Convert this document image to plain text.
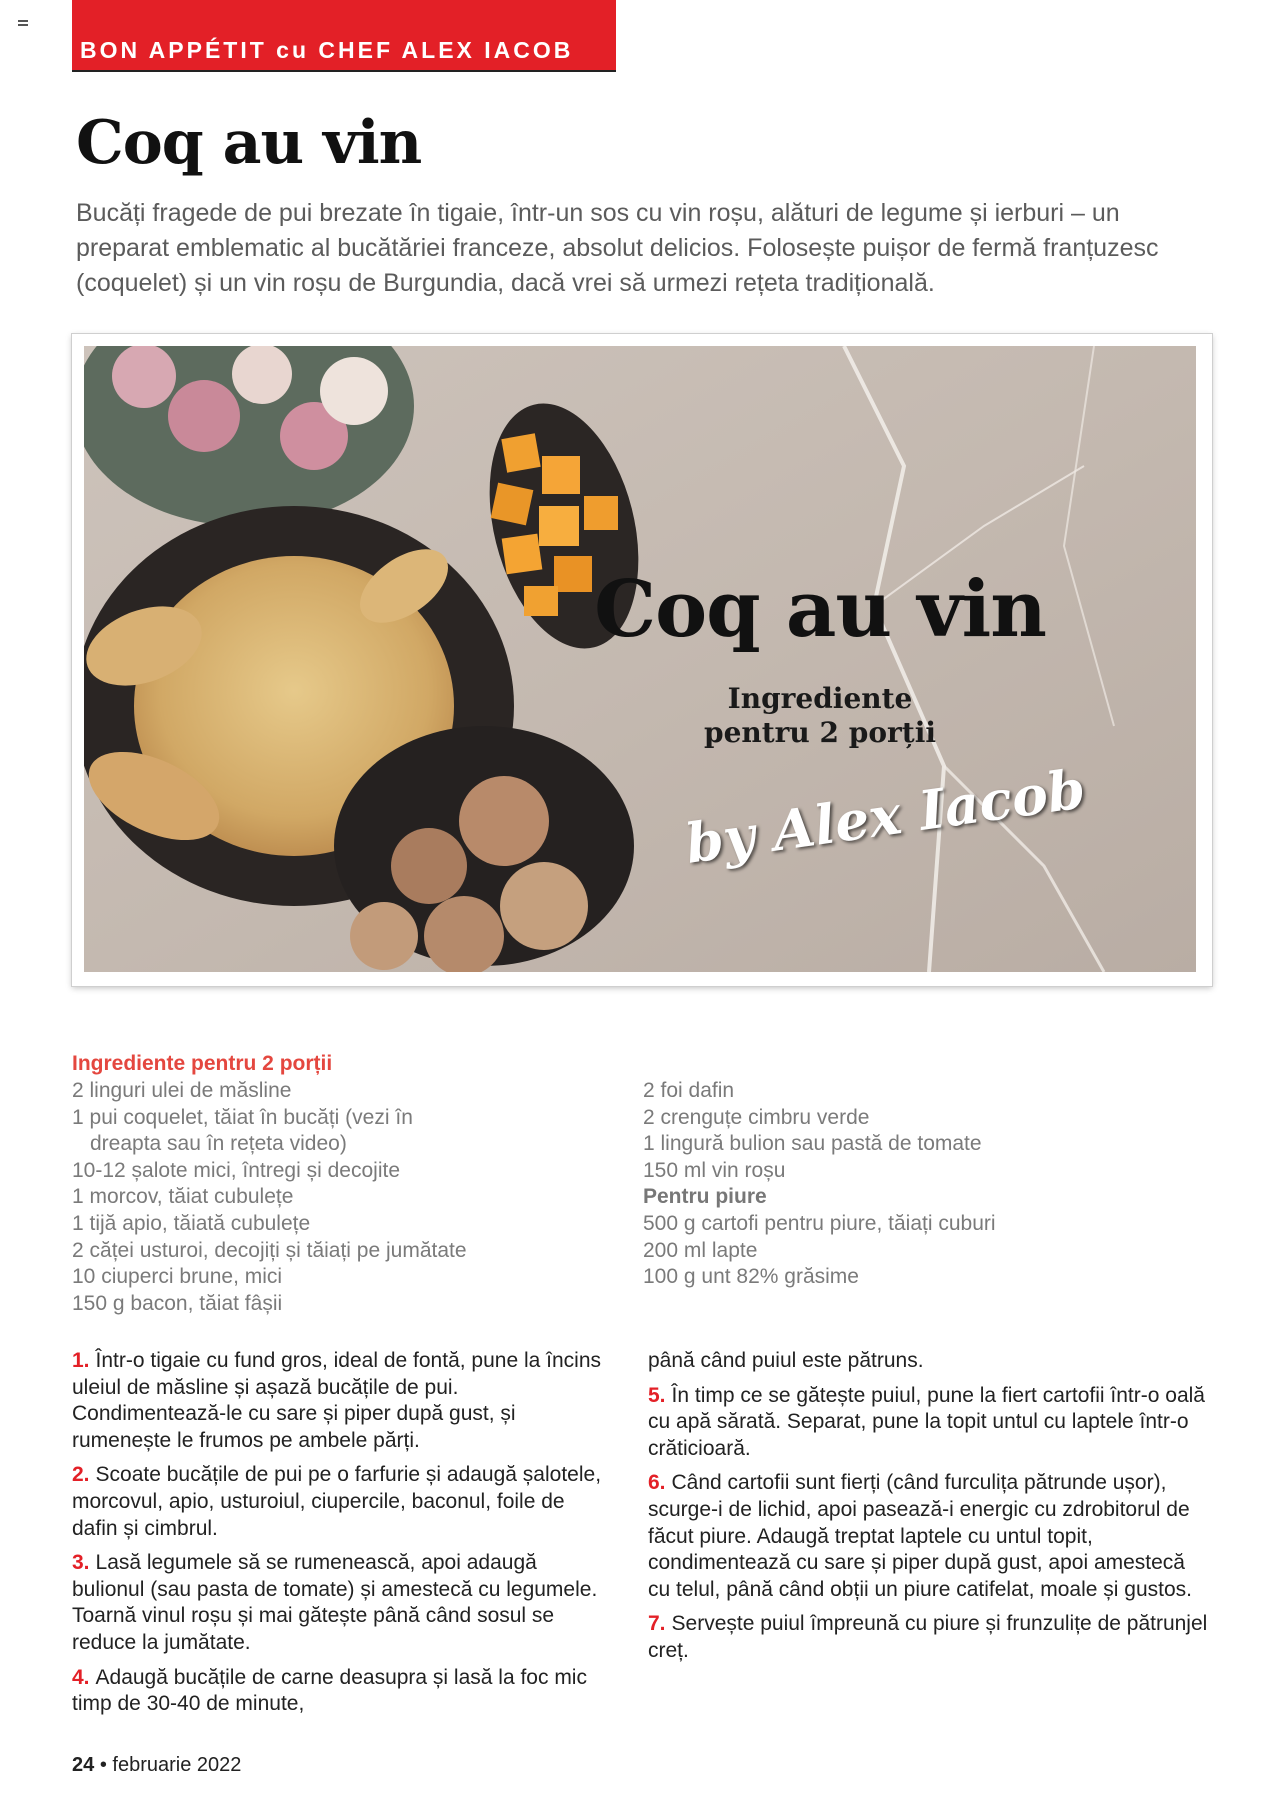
BON APPÉTIT cu CHEF ALEX IACOB
Coq au vin

Bucăți fragede de pui brezate în tigaie, într-un sos cu vin roșu, alături de legume și ierburi – un preparat emblematic al bucătăriei franceze, absolut delicios. Folosește puișor de fermă franțuzesc (coquelet) și un vin roșu de Burgundia, dacă vrei să urmezi rețeta tradițională.

Coq au vin
Ingrediente
pentru 2 porții
by Alex Iacob
Ingrediente pentru 2 porții
2 linguri ulei de măsline
1 pui coquelet, tăiat în bucăți (vezi în
dreapta sau în rețeta video)
10-12 șalote mici, întregi și decojite
1 morcov, tăiat cubulețe
1 tijă apio, tăiată cubulețe
2 căței usturoi, decojiți și tăiați pe jumătate
10 ciuperci brune, mici
150 g bacon, tăiat fâșii
2 foi dafin
2 crenguțe cimbru verde
1 lingură bulion sau pastă de tomate
150 ml vin roșu
Pentru piure
500 g cartofi pentru piure, tăiați cuburi
200 ml lapte
100 g unt 82% grăsime

1. Într-o tigaie cu fund gros, ideal de fontă, pune la încins uleiul de măsline și așază bucățile de pui. Condimentează-le cu sare și piper după gust, și rumenește le frumos pe ambele părți.

2. Scoate bucățile de pui pe o farfurie și adaugă șalotele, morcovul, apio, usturoiul, ciupercile, baconul, foile de dafin și cimbrul.

3. Lasă legumele să se rumenească, apoi adaugă bulionul (sau pasta de tomate) și amestecă cu legumele. Toarnă vinul roșu și mai gătește până când sosul se reduce la jumătate.

4. Adaugă bucățile de carne deasupra și lasă la foc mic timp de 30-40 de minute,

până când puiul este pătruns.

5. În timp ce se gătește puiul, pune la fiert cartofii într-o oală cu apă sărată. Separat, pune la topit untul cu laptele într-o crăticioară.

6. Când cartofii sunt fierți (când furculița pătrunde ușor), scurge-i de lichid, apoi pasează-i energic cu zdrobitorul de făcut piure. Adaugă treptat laptele cu untul topit, condimentează cu sare și piper după gust, apoi amestecă cu telul, până când obții un piure catifelat, moale și gustos.

7. Servește puiul împreună cu piure și frunzulițe de pătrunjel creț.

24 • februarie 2022
